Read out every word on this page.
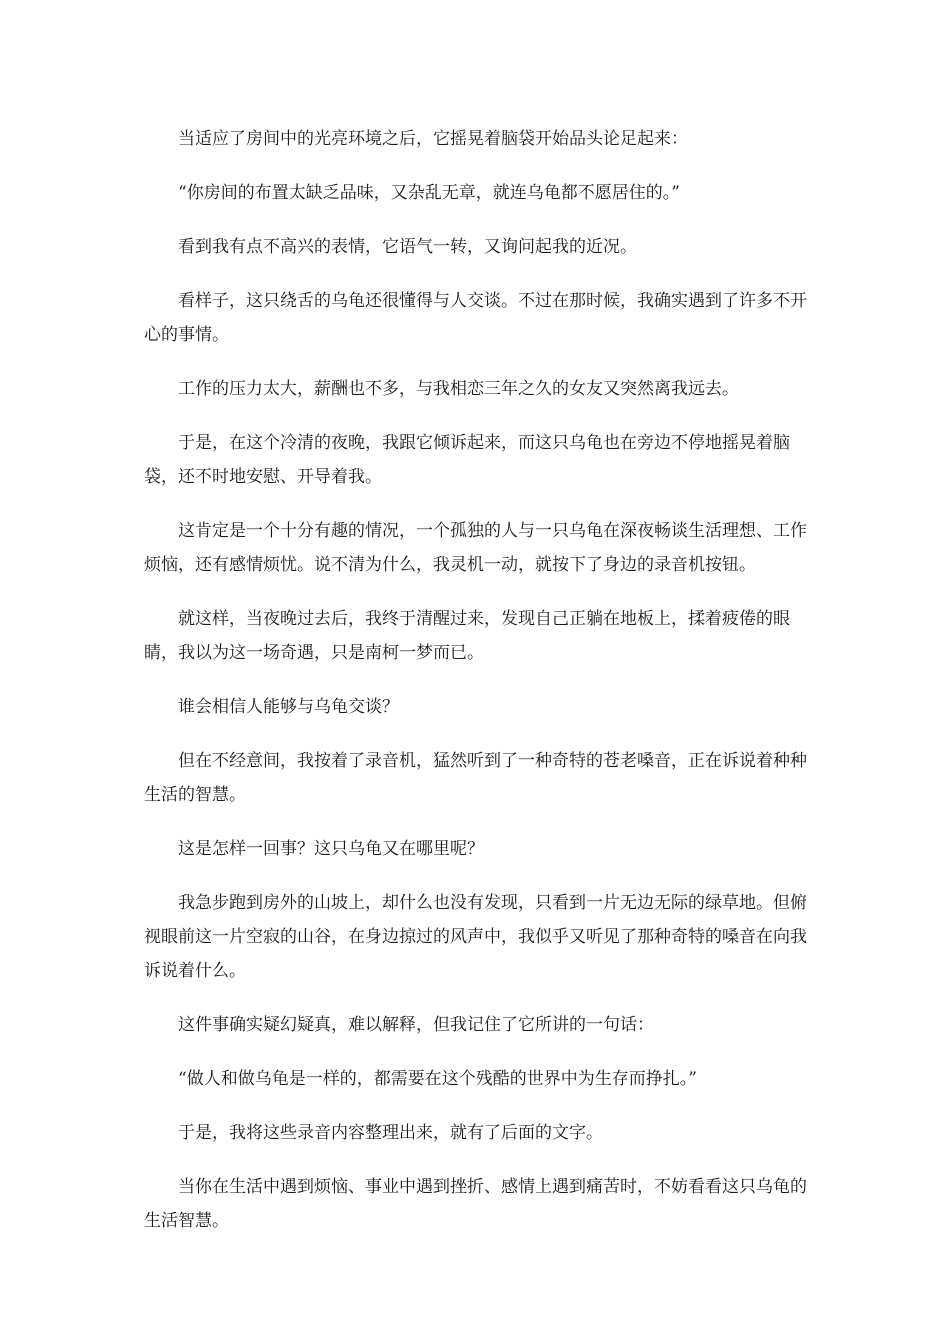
当适应了房间中的光亮环境之后，它摇晃着脑袋开始品头论足起来：

“你房间的布置太缺乏品味，又杂乱无章，就连乌龟都不愿居住的。”

看到我有点不高兴的表情，它语气一转，又询问起我的近况。

看样子，这只绕舌的乌龟还很懂得与人交谈。不过在那时候，我确实遇到了许多不开心的事情。

工作的压力太大，薪酬也不多，与我相恋三年之久的女友又突然离我远去。

于是，在这个冷清的夜晚，我跟它倾诉起来，而这只乌龟也在旁边不停地摇晃着脑袋，还不时地安慰、开导着我。

这肯定是一个十分有趣的情况，一个孤独的人与一只乌龟在深夜畅谈生活理想、工作烦恼，还有感情烦忧。说不清为什么，我灵机一动，就按下了身边的录音机按钮。

就这样，当夜晚过去后，我终于清醒过来，发现自己正躺在地板上，揉着疲倦的眼睛，我以为这一场奇遇，只是南柯一梦而已。

谁会相信人能够与乌龟交谈？

但在不经意间，我按着了录音机，猛然听到了一种奇特的苍老嗓音，正在诉说着种种生活的智慧。

这是怎样一回事？这只乌龟又在哪里呢？

我急步跑到房外的山坡上，却什么也没有发现，只看到一片无边无际的绿草地。但俯视眼前这一片空寂的山谷，在身边掠过的风声中，我似乎又听见了那种奇特的嗓音在向我诉说着什么。

这件事确实疑幻疑真，难以解释，但我记住了它所讲的一句话：

“做人和做乌龟是一样的，都需要在这个残酷的世界中为生存而挣扎。”

于是，我将这些录音内容整理出来，就有了后面的文字。

当你在生活中遇到烦恼、事业中遇到挫折、感情上遇到痛苦时，不妨看看这只乌龟的生活智慧。
